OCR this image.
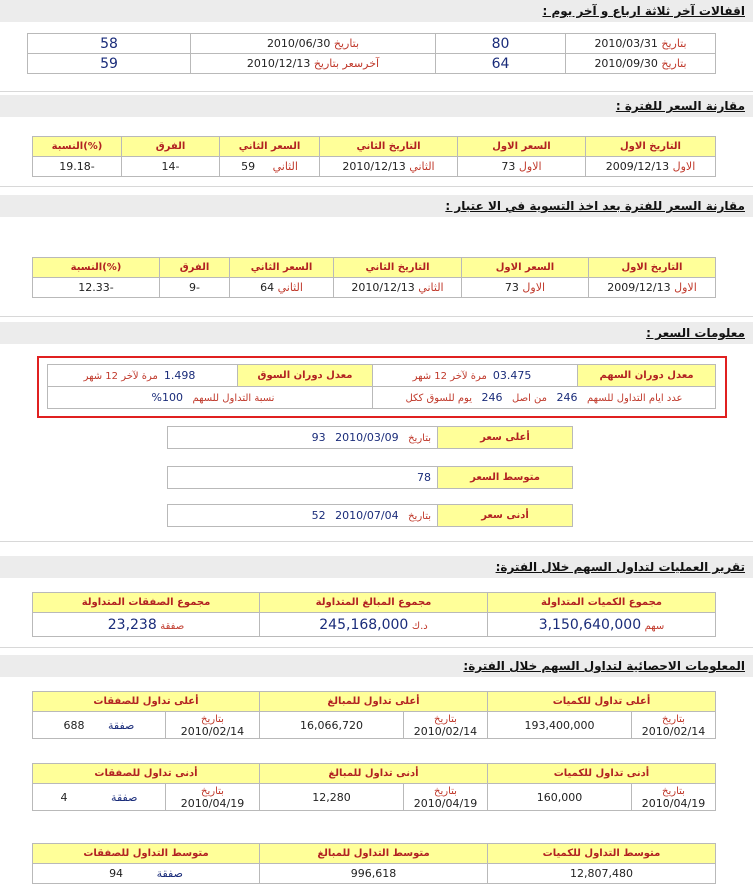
اقفالات آخر ثلاثة ارباع و آخر يوم :
بتاريخ 2010/03/31	80	بتاريخ 2010/06/30	58
بتاريخ 2010/09/30	64	آخرسعر بتاريخ 2010/12/13	59
مقارنة السعر للفترة :
التاريخ الاول	السعر الاول	التاريخ الثاني	السعر الثاني	الفرق	(%)النسبة
الاول 2009/12/13	الاول 73	الثاني 2010/12/13	الثاني 59	-14	-19.18
مقارنة السعر للفترة بعد اخذ التسوية في الا عتبار :
التاريخ الاول	السعر الاول	التاريخ الثاني	السعر الثاني	الفرق	(%)النسبة
الاول 2009/12/13	الاول 73	الثاني 2010/12/13	الثاني 64	-9	-12.33
معلومات السعر :
معدل دوران السهم	03.475مرة لآخر 12 شهر	معدل دوران السوق	1.498مرة لآخر 12 شهر
عدد ايام التداول للسهم 246 من اصل 246 يوم للسوق ككل		نسبة التداول للسهم 100%	
أعلى سعر	بتاريخ 2010/03/09 93
متوسط السعر	78
أدنى سعر	بتاريخ 2010/07/04 52
تقرير العمليات لتداول السهم خلال الفترة:
مجموع الكميات المتداولة	مجموع المبالغ المتداولة	مجموع الصفقات المتداولة
سهم 3,150,640,000	د.ك 245,168,000	صفقة 23,238
المعلومات الاحصائية لتداول السهم خلال الفترة:
أعلى تداول للكميات		أعلى تداول للمبالغ		أعلى تداول للصفقات	
بتاريخ 2010/02/14	193,400,000	بتاريخ 2010/02/14	16,066,720	بتاريخ 2010/02/14	صفقة 688
أدنى تداول للكميات		أدنى تداول للمبالغ		أدنى تداول للصفقات	
بتاريخ 2010/04/19	160,000	بتاريخ 2010/04/19	12,280	بتاريخ 2010/04/19	صفقة 4
متوسط التداول للكميات	متوسط التداول للمبالغ	متوسط التداول للصفقات
12,807,480	996,618	صفقة 94
